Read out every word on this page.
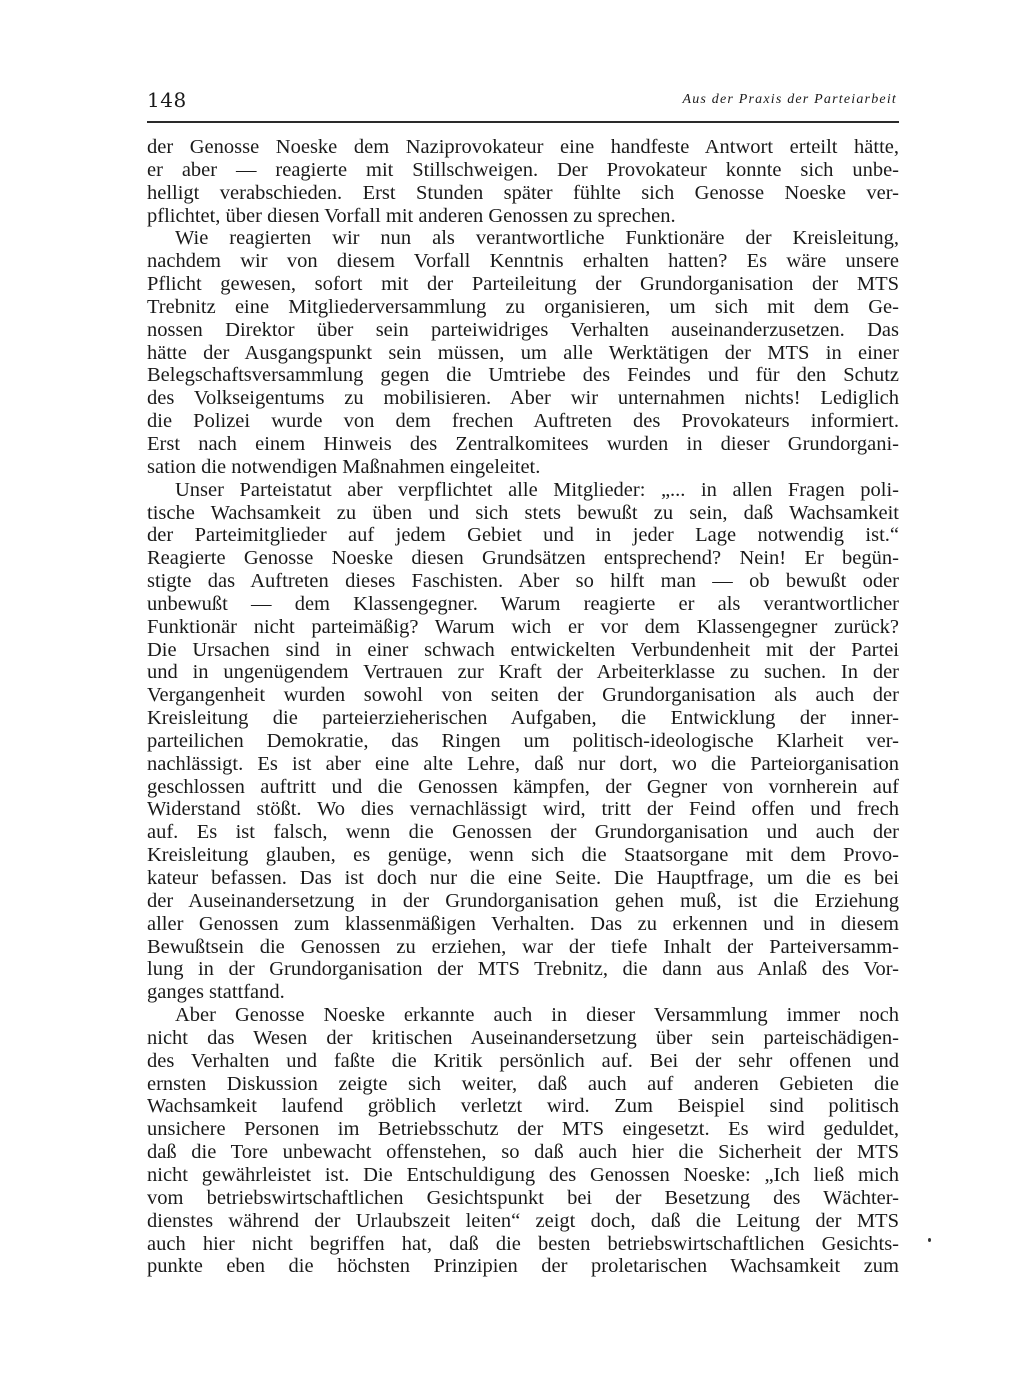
148	Aus der Praxis der Parteiarbeit
der Genosse Noeske dem Naziprovokateur eine handfeste Antwort erteilt hätte,
er aber — reagierte mit Stillschweigen. Der Provokateur konnte sich unbe-
helligt verabschieden. Erst Stunden später fühlte sich Genosse Noeske ver-
pflichtet, über diesen Vorfall mit anderen Genossen zu sprechen.
Wie reagierten wir nun als verantwortliche Funktionäre der Kreisleitung,
nachdem wir von diesem Vorfall Kenntnis erhalten hatten? Es wäre unsere
Pflicht gewesen, sofort mit der Parteileitung der Grundorganisation der MTS
Trebnitz eine Mitgliederversammlung zu organisieren, um sich mit dem Ge-
nossen Direktor über sein parteiwidriges Verhalten auseinanderzusetzen. Das
hätte der Ausgangspunkt sein müssen, um alle Werktätigen der MTS in einer
Belegschaftsversammlung gegen die Umtriebe des Feindes und für den Schutz
des Volkseigentums zu mobilisieren. Aber wir unternahmen nichts! Lediglich
die Polizei wurde von dem frechen Auftreten des Provokateurs informiert.
Erst nach einem Hinweis des Zentralkomitees wurden in dieser Grundorgani-
sation die notwendigen Maßnahmen eingeleitet.
Unser Parteistatut aber verpflichtet alle Mitglieder: „... in allen Fragen poli-
tische Wachsamkeit zu üben und sich stets bewußt zu sein, daß Wachsamkeit
der Parteimitglieder auf jedem Gebiet und in jeder Lage notwendig ist.“
Reagierte Genosse Noeske diesen Grundsätzen entsprechend? Nein! Er begün-
stigte das Auftreten dieses Faschisten. Aber so hilft man — ob bewußt oder
unbewußt — dem Klassengegner. Warum reagierte er als verantwortlicher
Funktionär nicht parteimäßig? Warum wich er vor dem Klassengegner zurück?
Die Ursachen sind in einer schwach entwickelten Verbundenheit mit der Partei
und in ungenügendem Vertrauen zur Kraft der Arbeiterklasse zu suchen. In der
Vergangenheit wurden sowohl von seiten der Grundorganisation als auch der
Kreisleitung die parteierzieherischen Aufgaben, die Entwicklung der inner-
parteilichen Demokratie, das Ringen um politisch-ideologische Klarheit ver-
nachlässigt. Es ist aber eine alte Lehre, daß nur dort, wo die Parteiorganisation
geschlossen auftritt und die Genossen kämpfen, der Gegner von vornherein auf
Widerstand stößt. Wo dies vernachlässigt wird, tritt der Feind offen und frech
auf. Es ist falsch, wenn die Genossen der Grundorganisation und auch der
Kreisleitung glauben, es genüge, wenn sich die Staatsorgane mit dem Provo-
kateur befassen. Das ist doch nur die eine Seite. Die Hauptfrage, um die es bei
der Auseinandersetzung in der Grundorganisation gehen muß, ist die Erziehung
aller Genossen zum klassenmäßigen Verhalten. Das zu erkennen und in diesem
Bewußtsein die Genossen zu erziehen, war der tiefe Inhalt der Parteiversamm-
lung in der Grundorganisation der MTS Trebnitz, die dann aus Anlaß des Vor-
ganges stattfand.
Aber Genosse Noeske erkannte auch in dieser Versammlung immer noch
nicht das Wesen der kritischen Auseinandersetzung über sein parteischädigen-
des Verhalten und faßte die Kritik persönlich auf. Bei der sehr offenen und
ernsten Diskussion zeigte sich weiter, daß auch auf anderen Gebieten die
Wachsamkeit laufend gröblich verletzt wird. Zum Beispiel sind politisch
unsichere Personen im Betriebsschutz der MTS eingesetzt. Es wird geduldet,
daß die Tore unbewacht offenstehen, so daß auch hier die Sicherheit der MTS
nicht gewährleistet ist. Die Entschuldigung des Genossen Noeske: „Ich ließ mich
vom betriebswirtschaftlichen Gesichtspunkt bei der Besetzung des Wächter-
dienstes während der Urlaubszeit leiten“ zeigt doch, daß die Leitung der MTS
auch hier nicht begriffen hat, daß die besten betriebswirtschaftlichen Gesichts-
punkte eben die höchsten Prinzipien der proletarischen Wachsamkeit zum
